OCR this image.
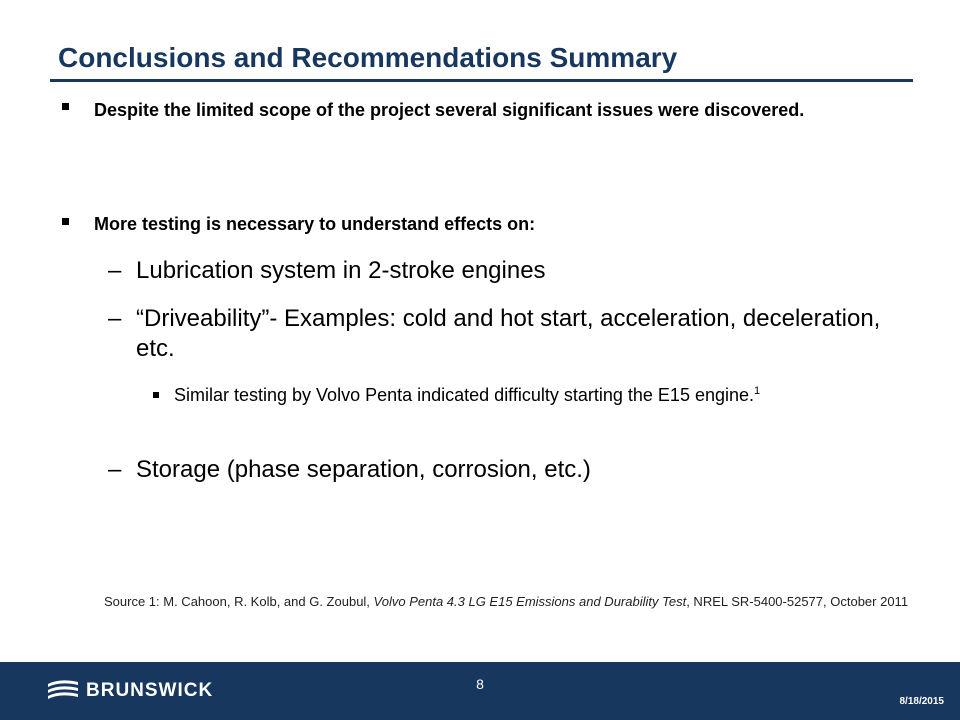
Conclusions and Recommendations Summary
Despite the limited scope of the project several significant issues were discovered.
More testing is necessary to understand effects on:
– Lubrication system in 2-stroke engines
– “Driveability”- Examples: cold and hot start, acceleration, deceleration, etc.
Similar testing by Volvo Penta indicated difficulty starting the E15 engine.$^1$
– Storage (phase separation, corrosion, etc.)
Source 1: M. Cahoon, R. Kolb, and G. Zoubul, Volvo Penta 4.3 LG E15 Emissions and Durability Test, NREL SR-5400-52577, October 2011
BRUNSWICK	8
8/18/2015
